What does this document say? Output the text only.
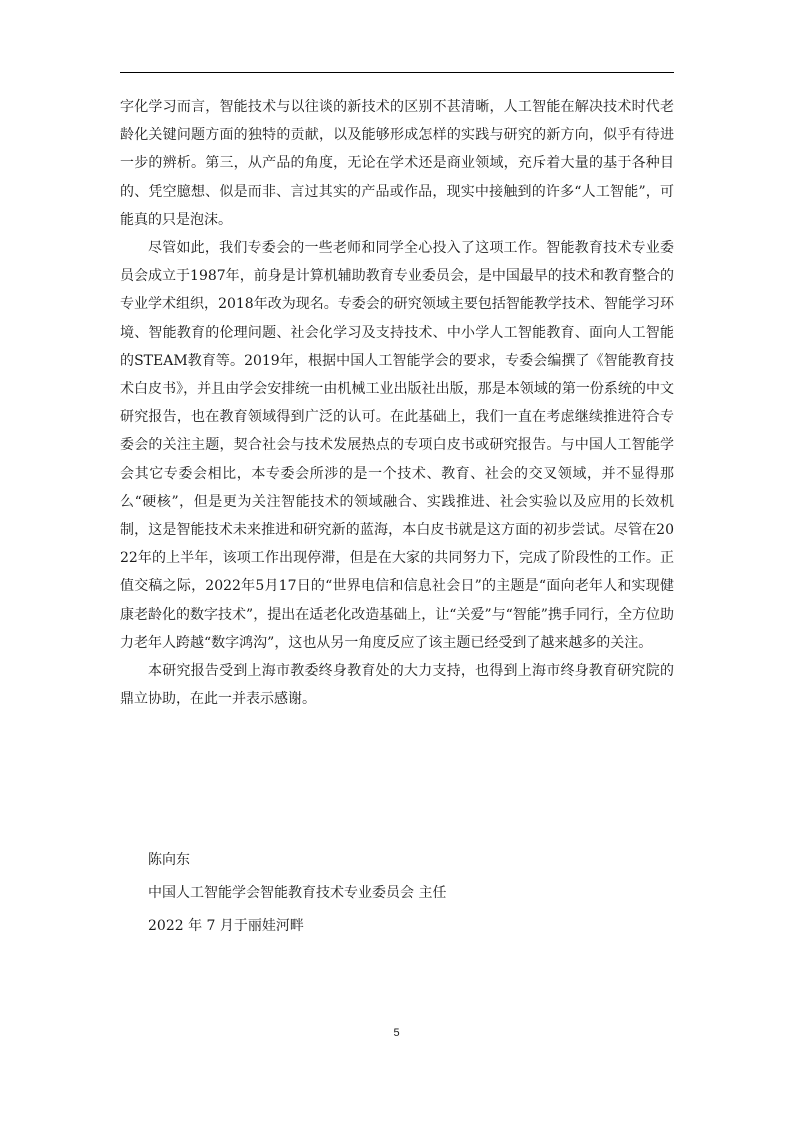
字化学习而言，智能技术与以往谈的新技术的区别不甚清晰，人工智能在解决技术时代老龄化关键问题方面的独特的贡献，以及能够形成怎样的实践与研究的新方向，似乎有待进一步的辨析。第三，从产品的角度，无论在学术还是商业领域，充斥着大量的基于各种目的、凭空臆想、似是而非、言过其实的产品或作品，现实中接触到的许多“人工智能”，可能真的只是泡沫。

尽管如此，我们专委会的一些老师和同学全心投入了这项工作。智能教育技术专业委员会成立于1987年，前身是计算机辅助教育专业委员会，是中国最早的技术和教育整合的专业学术组织，2018年改为现名。专委会的研究领域主要包括智能教学技术、智能学习环境、智能教育的伦理问题、社会化学习及支持技术、中小学人工智能教育、面向人工智能的STEAM教育等。2019年，根据中国人工智能学会的要求，专委会编撰了《智能教育技术白皮书》，并且由学会安排统一由机械工业出版社出版，那是本领域的第一份系统的中文研究报告，也在教育领域得到广泛的认可。在此基础上，我们一直在考虑继续推进符合专委会的关注主题，契合社会与技术发展热点的专项白皮书或研究报告。与中国人工智能学会其它专委会相比，本专委会所涉的是一个技术、教育、社会的交叉领域，并不显得那么“硬核”，但是更为关注智能技术的领域融合、实践推进、社会实验以及应用的长效机制，这是智能技术未来推进和研究新的蓝海，本白皮书就是这方面的初步尝试。尽管在2022年的上半年，该项工作出现停滞，但是在大家的共同努力下，完成了阶段性的工作。正值交稿之际，2022年5月17日的“世界电信和信息社会日”的主题是“面向老年人和实现健康老龄化的数字技术”，提出在适老化改造基础上，让“关爱”与“智能”携手同行，全方位助力老年人跨越“数字鸿沟”，这也从另一角度反应了该主题已经受到了越来越多的关注。

本研究报告受到上海市教委终身教育处的大力支持，也得到上海市终身教育研究院的鼎立协助，在此一并表示感谢。

陈向东
中国人工智能学会智能教育技术专业委员会 主任
2022 年 7 月于丽娃河畔
5
